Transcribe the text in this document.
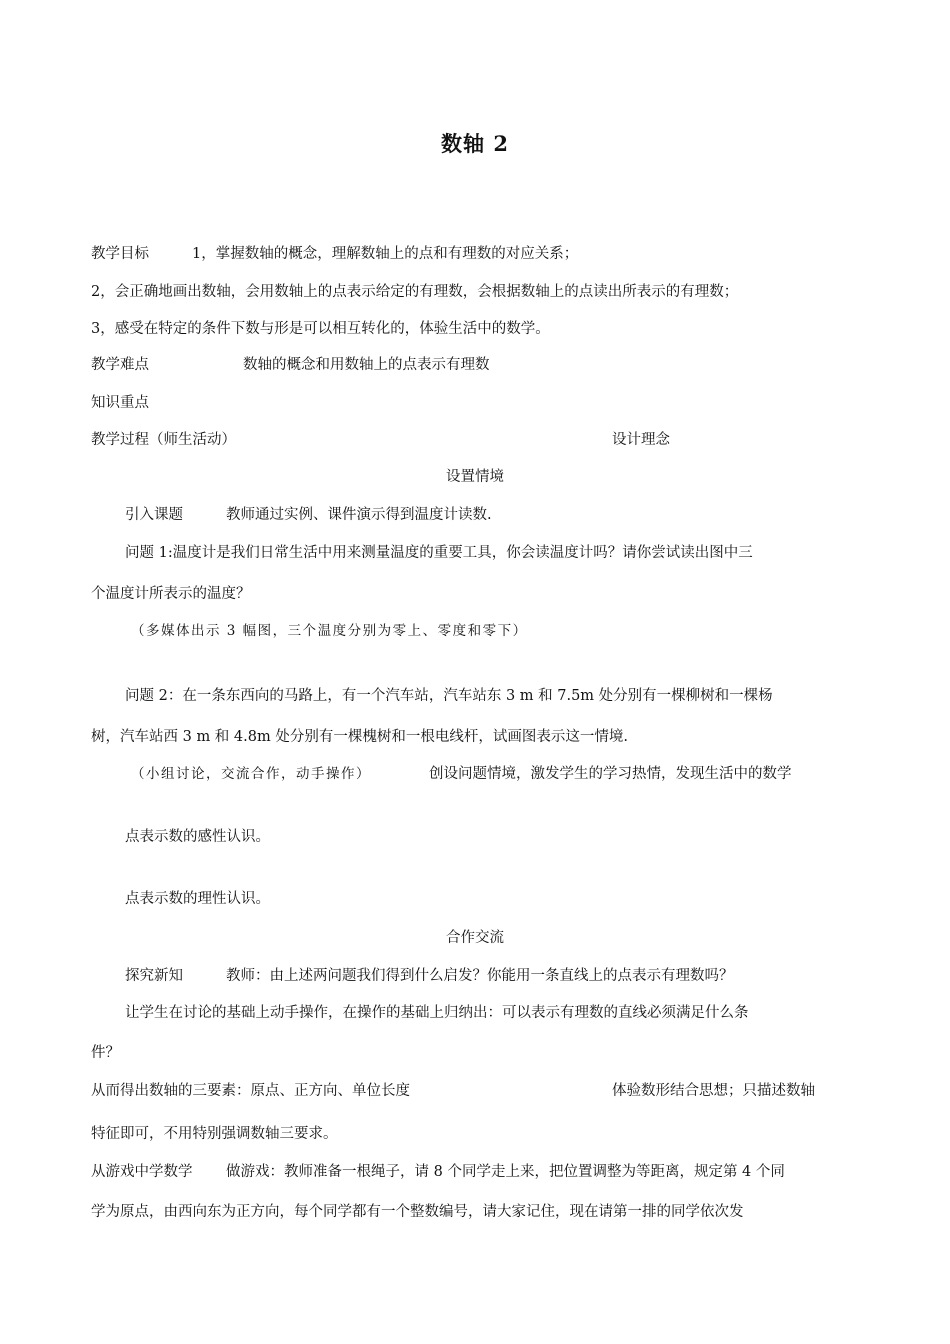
数轴 2
教学目标	1，掌握数轴的概念，理解数轴上的点和有理数的对应关系；
2，会正确地画出数轴，会用数轴上的点表示给定的有理数，会根据数轴上的点读出所表示的有理数；
3，感受在特定的条件下数与形是可以相互转化的，体验生活中的数学。
教学难点	数轴的概念和用数轴上的点表示有理数
知识重点
教学过程（师生活动）	设计理念
设置情境
引入课题	教师通过实例、课件演示得到温度计读数.
问题 1:温度计是我们日常生活中用来测量温度的重要工具，你会读温度计吗？请你尝试读出图中三
个温度计所表示的温度？
（多媒体出示 3 幅图，三个温度分别为零上、零度和零下）
问题 2：在一条东西向的马路上，有一个汽车站，汽车站东 3 m 和 7.5m 处分别有一棵柳树和一棵杨
树，汽车站西 3 m 和 4.8m 处分别有一棵槐树和一根电线杆，试画图表示这一情境.
（小组讨论，交流合作，动手操作）	创设问题情境，激发学生的学习热情，发现生活中的数学
点表示数的感性认识。
点表示数的理性认识。
合作交流
探究新知	教师：由上述两问题我们得到什么启发？你能用一条直线上的点表示有理数吗？
让学生在讨论的基础上动手操作，在操作的基础上归纳出：可以表示有理数的直线必须满足什么条
件？
从而得出数轴的三要素：原点、正方向、单位长度	体验数形结合思想；只描述数轴
特征即可，不用特别强调数轴三要求。
从游戏中学数学 做游戏：教师准备一根绳子，请 8 个同学走上来，把位置调整为等距离，规定第 4 个同
学为原点，由西向东为正方向，每个同学都有一个整数编号，请大家记住，现在请第一排的同学依次发
